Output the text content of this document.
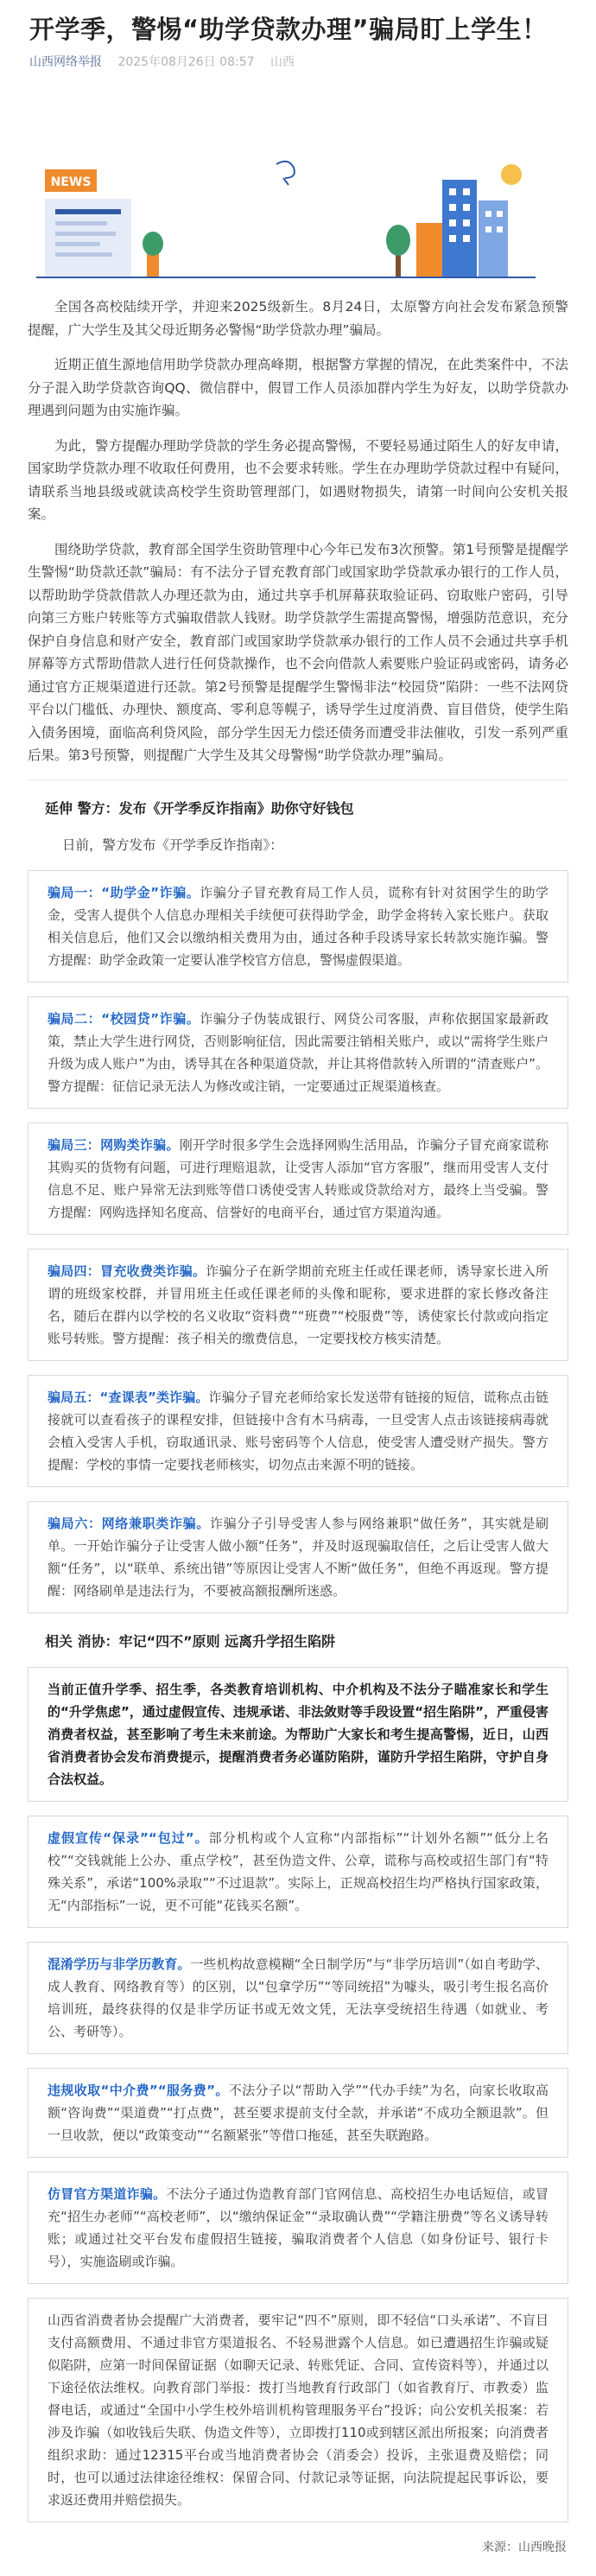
开学季，警惕“助学贷款办理”骗局盯上学生！
山西网络举报 2025年08月26日 08:57 山西
NEWS

全国各高校陆续开学，并迎来2025级新生。8月24日，太原警方向社会发布紧急预警提醒，广大学生及其父母近期务必警惕“助学贷款办理”骗局。

近期正值生源地信用助学贷款办理高峰期，根据警方掌握的情况，在此类案件中，不法分子混入助学贷款咨询QQ、微信群中，假冒工作人员添加群内学生为好友，以助学贷款办理遇到问题为由实施诈骗。

为此，警方提醒办理助学贷款的学生务必提高警惕，不要轻易通过陌生人的好友申请，国家助学贷款办理不收取任何费用，也不会要求转账。学生在办理助学贷款过程中有疑问，请联系当地县级或就读高校学生资助管理部门，如遇财物损失，请第一时间向公安机关报案。

围绕助学贷款，教育部全国学生资助管理中心今年已发布3次预警。第1号预警是提醒学生警惕“助贷款还款”骗局：有不法分子冒充教育部门或国家助学贷款承办银行的工作人员，以帮助助学贷款借款人办理还款为由，通过共享手机屏幕获取验证码、窃取账户密码，引导向第三方账户转账等方式骗取借款人钱财。助学贷款学生需提高警惕，增强防范意识，充分保护自身信息和财产安全，教育部门或国家助学贷款承办银行的工作人员不会通过共享手机屏幕等方式帮助借款人进行任何贷款操作，也不会向借款人索要账户验证码或密码，请务必通过官方正规渠道进行还款。第2号预警是提醒学生警惕非法“校园贷”陷阱：一些不法网贷平台以门槛低、办理快、额度高、零利息等幌子，诱导学生过度消费、盲目借贷，使学生陷入债务困境，面临高利贷风险，部分学生因无力偿还债务而遭受非法催收，引发一系列严重后果。第3号预警，则提醒广大学生及其父母警惕“助学贷款办理”骗局。

延伸 警方：发布《开学季反诈指南》助你守好钱包

日前，警方发布《开学季反诈指南》：

骗局一：“助学金”诈骗。诈骗分子冒充教育局工作人员，谎称有针对贫困学生的助学金，受害人提供个人信息办理相关手续便可获得助学金，助学金将转入家长账户。获取相关信息后，他们又会以缴纳相关费用为由，通过各种手段诱导家长转款实施诈骗。警方提醒：助学金政策一定要认准学校官方信息，警惕虚假渠道。

骗局二：“校园贷”诈骗。诈骗分子伪装成银行、网贷公司客服，声称依据国家最新政策，禁止大学生进行网贷，否则影响征信，因此需要注销相关账户，或以“需将学生账户升级为成人账户”为由，诱导其在各种渠道贷款，并让其将借款转入所谓的“清查账户”。警方提醒：征信记录无法人为修改或注销，一定要通过正规渠道核查。

骗局三：网购类诈骗。刚开学时很多学生会选择网购生活用品，诈骗分子冒充商家谎称其购买的货物有问题，可进行理赔退款，让受害人添加“官方客服”，继而用受害人支付信息不足、账户异常无法到账等借口诱使受害人转账或贷款给对方，最终上当受骗。警方提醒：网购选择知名度高、信誉好的电商平台，通过官方渠道沟通。

骗局四：冒充收费类诈骗。诈骗分子在新学期前充班主任或任课老师，诱导家长进入所谓的班级家校群，并冒用班主任或任课老师的头像和昵称，要求进群的家长修改备注名，随后在群内以学校的名义收取“资料费”“班费”“校服费”等，诱使家长付款或向指定账号转账。警方提醒：孩子相关的缴费信息，一定要找校方核实清楚。

骗局五：“查课表”类诈骗。诈骗分子冒充老师给家长发送带有链接的短信，谎称点击链接就可以查看孩子的课程安排，但链接中含有木马病毒，一旦受害人点击该链接病毒就会植入受害人手机，窃取通讯录、账号密码等个人信息，使受害人遭受财产损失。警方提醒：学校的事情一定要找老师核实，切勿点击来源不明的链接。

骗局六：网络兼职类诈骗。诈骗分子引导受害人参与网络兼职“做任务”，其实就是刷单。一开始诈骗分子让受害人做小额“任务”，并及时返现骗取信任，之后让受害人做大额“任务”，以“联单、系统出错”等原因让受害人不断“做任务”，但绝不再返现。警方提醒：网络刷单是违法行为，不要被高额报酬所迷惑。

相关 消协：牢记“四不”原则 远离升学招生陷阱

当前正值升学季、招生季，各类教育培训机构、中介机构及不法分子瞄准家长和学生的“升学焦虑”，通过虚假宣传、违规承诺、非法敛财等手段设置“招生陷阱”，严重侵害消费者权益，甚至影响了考生未来前途。为帮助广大家长和考生提高警惕，近日，山西省消费者协会发布消费提示，提醒消费者务必谨防陷阱，谨防升学招生陷阱，守护自身合法权益。

虚假宣传“保录”“包过”。部分机构或个人宣称“内部指标”“计划外名额”“低分上名校”“交钱就能上公办、重点学校”，甚至伪造文件、公章，谎称与高校或招生部门有“特殊关系”，承诺“100%录取”“不过退款”。实际上，正规高校招生均严格执行国家政策，无“内部指标”一说，更不可能“花钱买名额”。

混淆学历与非学历教育。一些机构故意模糊“全日制学历”与“非学历培训”（如自考助学、成人教育、网络教育等）的区别，以“包拿学历”“等同统招”为噱头，吸引考生报名高价培训班，最终获得的仅是非学历证书或无效文凭，无法享受统招生待遇（如就业、考公、考研等）。

违规收取“中介费”“服务费”。不法分子以“帮助入学”“代办手续”为名，向家长收取高额“咨询费”“渠道费”“打点费”，甚至要求提前支付全款，并承诺“不成功全额退款”。但一旦收款，便以“政策变动”“名额紧张”等借口拖延，甚至失联跑路。

仿冒官方渠道诈骗。不法分子通过伪造教育部门官网信息、高校招生办电话短信，或冒充“招生办老师”“高校老师”，以“缴纳保证金”“录取确认费”“学籍注册费”等名义诱导转账；或通过社交平台发布虚假招生链接，骗取消费者个人信息（如身份证号、银行卡号），实施盗刷或诈骗。

山西省消费者协会提醒广大消费者，要牢记“四不”原则，即不轻信“口头承诺”、不盲目支付高额费用、不通过非官方渠道报名、不轻易泄露个人信息。如已遭遇招生诈骗或疑似陷阱，应第一时间保留证据（如聊天记录、转账凭证、合同、宣传资料等），并通过以下途径依法维权。向教育部门举报：拨打当地教育行政部门（如省教育厅、市教委）监督电话，或通过“全国中小学生校外培训机构管理服务平台”投诉；向公安机关报案：若涉及诈骗（如收钱后失联、伪造文件等），立即拨打110或到辖区派出所报案；向消费者组织求助：通过12315平台或当地消费者协会（消委会）投诉，主张退费及赔偿；同时，也可以通过法律途径维权：保留合同、付款记录等证据，向法院提起民事诉讼，要求返还费用并赔偿损失。

来源：山西晚报
